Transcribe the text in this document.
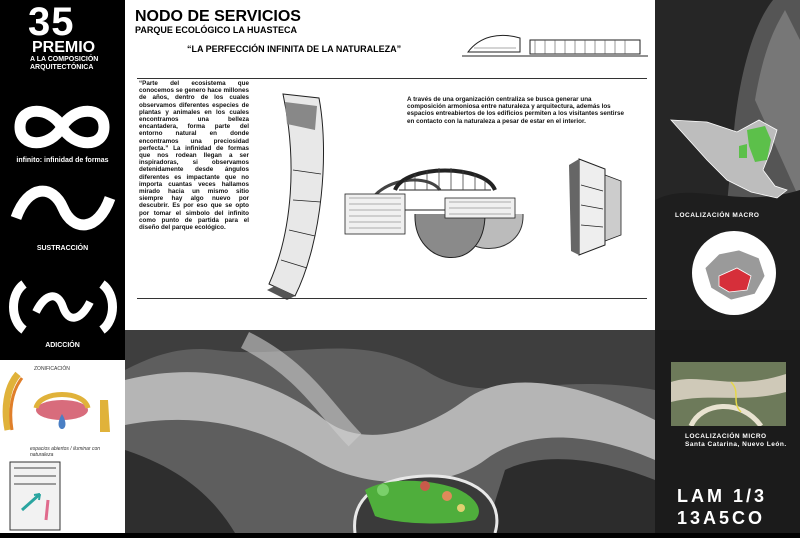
35
PREMIO
A LA COMPOSICIÓN
ARQUITECTÓNICA
infinito: infinidad de formas
SUSTRACCIÓN
ADICCIÓN
ZONIFICACIÓN
espacios abiertos / iluminar con naturaleza
NODO DE SERVICIOS
PARQUE ECOLÓGICO LA HUASTECA
“LA PERFECCIÓN INFINITA DE LA NATURALEZA”
“Parte del ecosistema que conocemos se genero hace millones de años, dentro de los cuales observamos diferentes especies de plantas y animales en los cuales encontramos una belleza encantadera, forma parte del entorno natural en donde encontramos una preciosidad perfecta.” La infinidad de formas que nos rodean llegan a ser inspiradoras, si observamos detenidamente desde ángulos diferentes es impactante que no importa cuantas veces hallamos mirado hacia un mismo sitio siempre hay algo nuevo por descubrir. Es por eso que se opto por tomar el simbolo del infinito como punto de partida para el diseño del parque ecológico.
A través de una organización centraliza se busca generar una composición armoniosa entre naturaleza y arquitectura, además los espacios entreabiertos de los edificios permiten a los visitantes sentirse en contacto con la naturaleza a pesar de estar en el interior.
LOCALIZACIÓN MACRO
LOCALIZACIÓN MICRO
Santa Catarina, Nuevo León.
LAM 1/3
13A5CO
